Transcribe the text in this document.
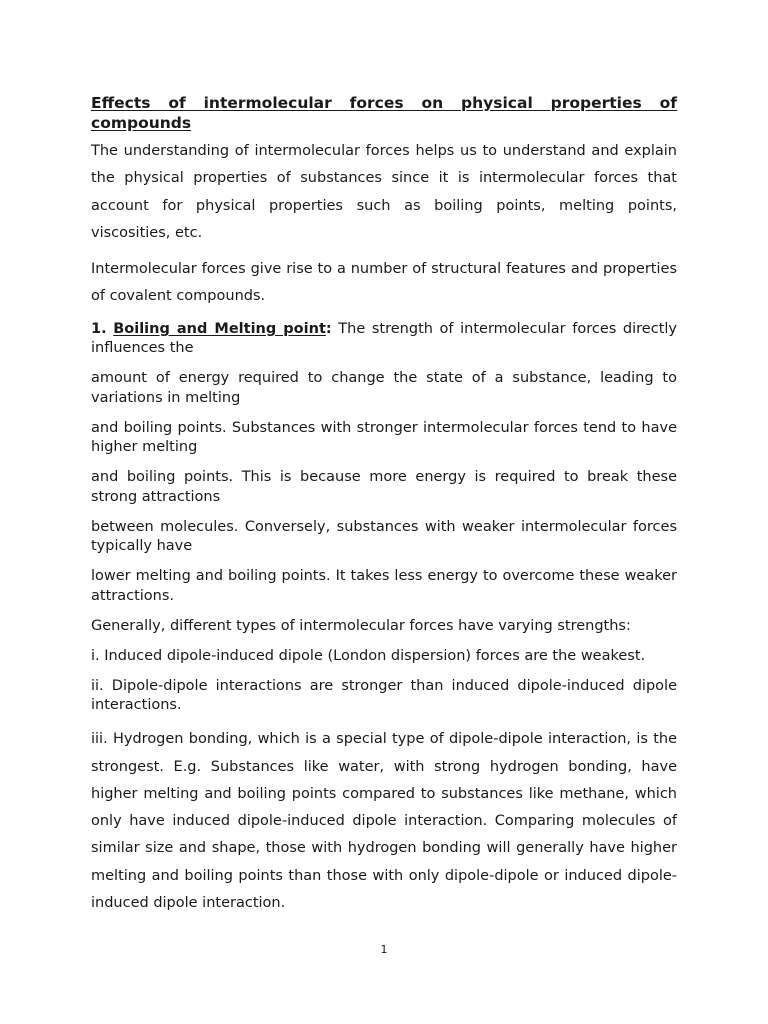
Effects of intermolecular forces on physical properties of compounds

The understanding of intermolecular forces helps us to understand and explain the physical properties of substances since it is intermolecular forces that account for physical properties such as boiling points, melting points, viscosities, etc.

Intermolecular forces give rise to a number of structural features and properties of covalent compounds.

1. Boiling and Melting point: The strength of intermolecular forces directly influences the

amount of energy required to change the state of a substance, leading to variations in melting

and boiling points. Substances with stronger intermolecular forces tend to have higher melting

and boiling points. This is because more energy is required to break these strong attractions

between molecules. Conversely, substances with weaker intermolecular forces typically have

lower melting and boiling points. It takes less energy to overcome these weaker attractions.

Generally, different types of intermolecular forces have varying strengths:

i. Induced dipole-induced dipole (London dispersion) forces are the weakest.

ii. Dipole-dipole interactions are stronger than induced dipole-induced dipole interactions.

iii. Hydrogen bonding, which is a special type of dipole-dipole interaction, is the strongest. E.g. Substances like water, with strong hydrogen bonding, have higher melting and boiling points compared to substances like methane, which only have induced dipole-induced dipole interaction. Comparing molecules of similar size and shape, those with hydrogen bonding will generally have higher melting and boiling points than those with only dipole-dipole or induced dipole-induced dipole interaction.

1
